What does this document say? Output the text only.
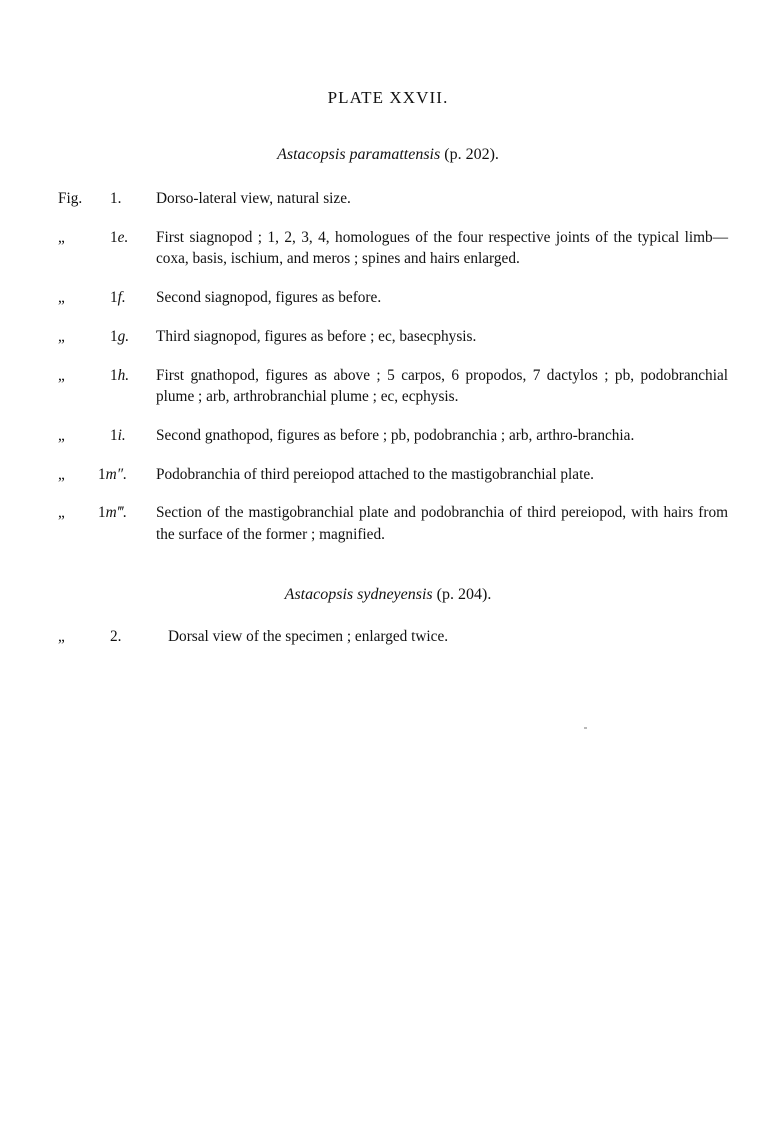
PLATE XXVII.
Astacopsis paramattensis (p. 202).
Fig.	1.	Dorso-lateral view, natural size.
„	1e.	First siagnopod ; 1, 2, 3, 4, homologues of the four respective joints of the typical limb—coxa, basis, ischium, and meros ; spines and hairs enlarged.
„	1f.	Second siagnopod, figures as before.
„	1g.	Third siagnopod, figures as before ; ec, basecphysis.
„	1h.	First gnathopod, figures as above ; 5 carpos, 6 propodos, 7 dactylos ; pb, podobranchial plume ; arb, arthrobranchial plume ; ec, ecphysis.
„	1i.	Second gnathopod, figures as before ; pb, podobranchia ; arb, arthro-branchia.
„	1m″.	Podobranchia of third pereiopod attached to the mastigobranchial plate.
„	1m‴.	Section of the mastigobranchial plate and podobranchia of third pereiopod, with hairs from the surface of the former ; magnified.
Astacopsis sydneyensis (p. 204).
„	2.	Dorsal view of the specimen ; enlarged twice.
